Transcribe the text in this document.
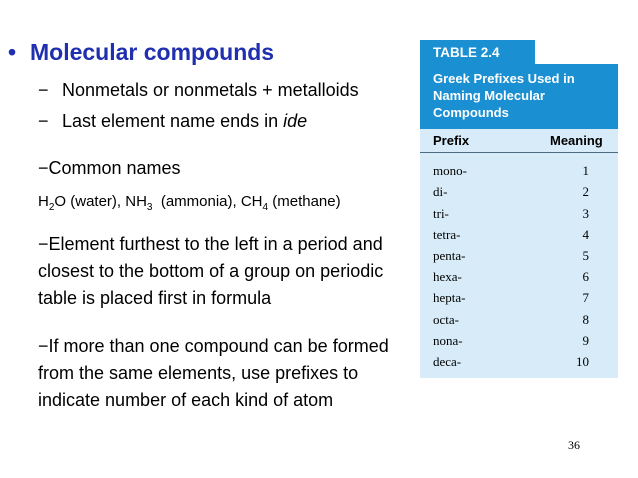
• Molecular compounds
− Nonmetals or nonmetals + metalloids
− Last element name ends in ide
−Common names
$H_2O$ (water), $NH_3$  (ammonia), $CH_4$ (methane)
−Element furthest to the left in a period and closest to the bottom of a group on periodic table is placed first in formula
−If more than one compound can be formed from the same elements, use prefixes to indicate number of each kind of atom
TABLE 2.4
Greek Prefixes Used in Naming Molecular Compounds
Prefix	Meaning
mono-	1
di-	2
tri-	3
tetra-	4
penta-	5
hexa-	6
hepta-	7
octa-	8
nona-	9
deca-	10
36
